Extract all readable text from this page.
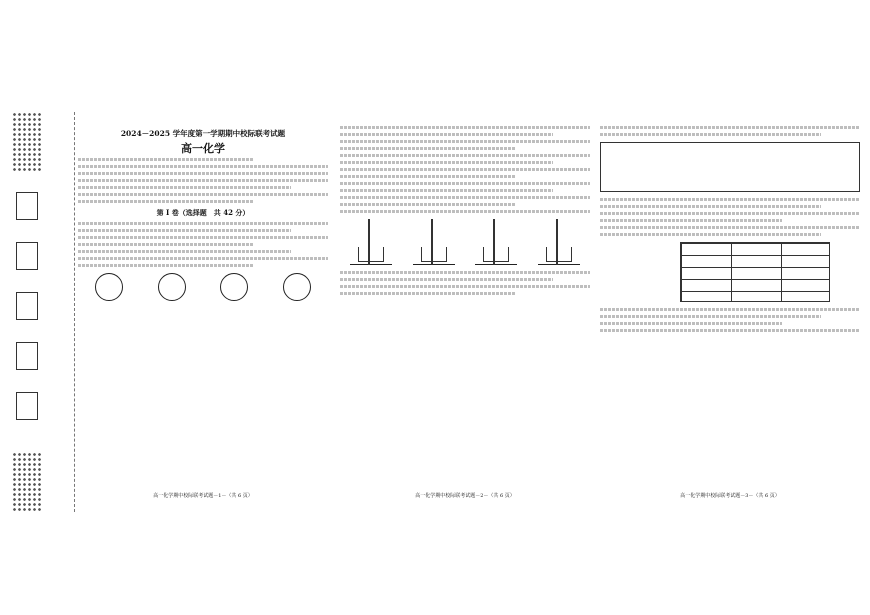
2024－2025 学年度第一学期期中校际联考试题
高一化学
第 Ⅰ 卷（选择题　共 42 分）
高一化学期中校际联考试题－1－（共 6 页）	高一化学期中校际联考试题－2－（共 6 页）	高一化学期中校际联考试题－3－（共 6 页）
